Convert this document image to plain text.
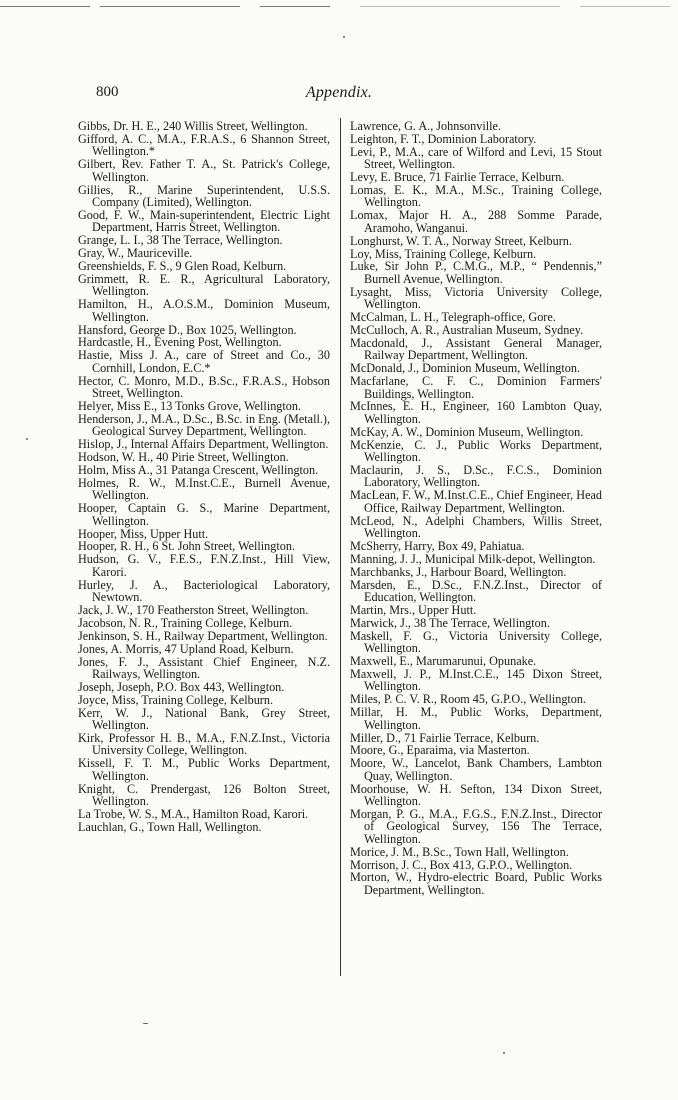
800	Appendix.
Gibbs, Dr. H. E., 240 Willis Street, Wellington.
Gifford, A. C., M.A., F.R.A.S., 6 Shannon Street, Wellington.*
Gilbert, Rev. Father T. A., St. Patrick's College, Wellington.
Gillies, R., Marine Superintendent, U.S.S. Company (Limited), Wellington.
Good, F. W., Main-superintendent, Electric Light Department, Harris Street, Wellington.
Grange, L. I., 38 The Terrace, Wellington.
Gray, W., Mauriceville.
Greenshields, F. S., 9 Glen Road, Kelburn.
Grimmett, R. E. R., Agricultural Laboratory, Wellington.
Hamilton, H., A.O.S.M., Dominion Museum, Wellington.
Hansford, George D., Box 1025, Wellington.
Hardcastle, H., Evening Post, Wellington.
Hastie, Miss J. A., care of Street and Co., 30 Cornhill, London, E.C.*
Hector, C. Monro, M.D., B.Sc., F.R.A.S., Hobson Street, Wellington.
Helyer, Miss E., 13 Tonks Grove, Wellington.
Henderson, J., M.A., D.Sc., B.Sc. in Eng. (Metall.), Geological Survey Department, Wellington.
Hislop, J., Internal Affairs Department, Wellington.
Hodson, W. H., 40 Pirie Street, Wellington.
Holm, Miss A., 31 Patanga Crescent, Wellington.
Holmes, R. W., M.Inst.C.E., Burnell Avenue, Wellington.
Hooper, Captain G. S., Marine Department, Wellington.
Hooper, Miss, Upper Hutt.
Hooper, R. H., 6 St. John Street, Wellington.
Hudson, G. V., F.E.S., F.N.Z.Inst., Hill View, Karori.
Hurley, J. A., Bacteriological Laboratory, Newtown.
Jack, J. W., 170 Featherston Street, Wellington.
Jacobson, N. R., Training College, Kelburn.
Jenkinson, S. H., Railway Department, Wellington.
Jones, A. Morris, 47 Upland Road, Kelburn.
Jones, F. J., Assistant Chief Engineer, N.Z. Railways, Wellington.
Joseph, Joseph, P.O. Box 443, Wellington.
Joyce, Miss, Training College, Kelburn.
Kerr, W. J., National Bank, Grey Street, Wellington.
Kirk, Professor H. B., M.A., F.N.Z.Inst., Victoria University College, Wellington.
Kissell, F. T. M., Public Works Department, Wellington.
Knight, C. Prendergast, 126 Bolton Street, Wellington.
La Trobe, W. S., M.A., Hamilton Road, Karori.
Lauchlan, G., Town Hall, Wellington.
Lawrence, G. A., Johnsonville.
Leighton, F. T., Dominion Laboratory.
Levi, P., M.A., care of Wilford and Levi, 15 Stout Street, Wellington.
Levy, E. Bruce, 71 Fairlie Terrace, Kelburn.
Lomas, E. K., M.A., M.Sc., Training College, Wellington.
Lomax, Major H. A., 288 Somme Parade, Aramoho, Wanganui.
Longhurst, W. T. A., Norway Street, Kelburn.
Loy, Miss, Training College, Kelburn.
Luke, Sir John P., C.M.G., M.P., “ Pendennis,” Burnell Avenue, Wellington.
Lysaght, Miss, Victoria University College, Wellington.
McCalman, L. H., Telegraph-office, Gore.
McCulloch, A. R., Australian Museum, Sydney.
Macdonald, J., Assistant General Manager, Railway Department, Wellington.
McDonald, J., Dominion Museum, Wellington.
Macfarlane, C. F. C., Dominion Farmers' Buildings, Wellington.
McInnes, E. H., Engineer, 160 Lambton Quay, Wellington.
McKay, A. W., Dominion Museum, Wellington.
McKenzie, C. J., Public Works Department, Wellington.
Maclaurin, J. S., D.Sc., F.C.S., Dominion Laboratory, Wellington.
MacLean, F. W., M.Inst.C.E., Chief Engineer, Head Office, Railway Department, Wellington.
McLeod, N., Adelphi Chambers, Willis Street, Wellington.
McSherry, Harry, Box 49, Pahiatua.
Manning, J. J., Municipal Milk-depot, Wellington.
Marchbanks, J., Harbour Board, Wellington.
Marsden, E., D.Sc., F.N.Z.Inst., Director of Education, Wellington.
Martin, Mrs., Upper Hutt.
Marwick, J., 38 The Terrace, Wellington.
Maskell, F. G., Victoria University College, Wellington.
Maxwell, E., Marumarunui, Opunake.
Maxwell, J. P., M.Inst.C.E., 145 Dixon Street, Wellington.
Miles, P. C. V. R., Room 45, G.P.O., Wellington.
Millar, H. M., Public Works, Department, Wellington.
Miller, D., 71 Fairlie Terrace, Kelburn.
Moore, G., Eparaima, via Masterton.
Moore, W., Lancelot, Bank Chambers, Lambton Quay, Wellington.
Moorhouse, W. H. Sefton, 134 Dixon Street, Wellington.
Morgan, P. G., M.A., F.G.S., F.N.Z.Inst., Director of Geological Survey, 156 The Terrace, Wellington.
Morice, J. M., B.Sc., Town Hall, Wellington.
Morrison, J. C., Box 413, G.P.O., Wellington.
Morton, W., Hydro-electric Board, Public Works Department, Wellington.
